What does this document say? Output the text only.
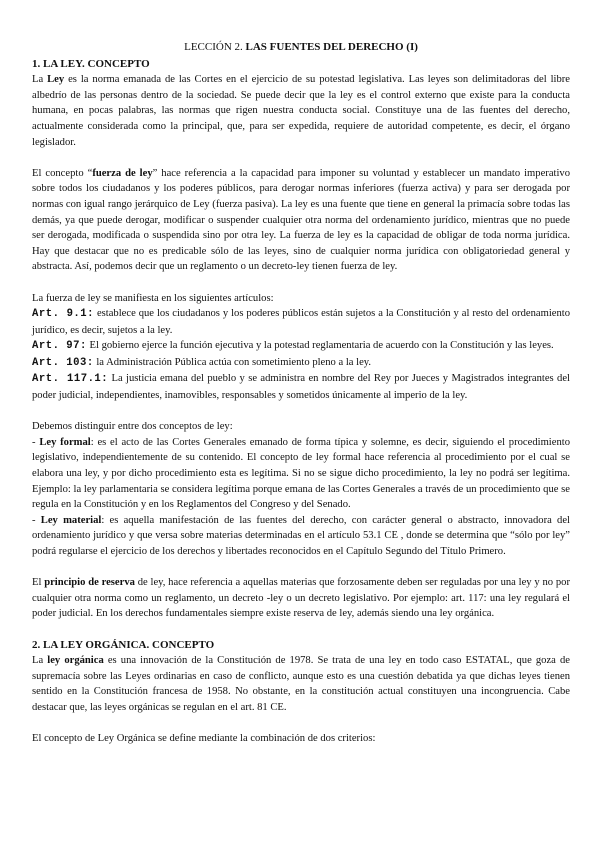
LECCIÓN 2. LAS FUENTES DEL DERECHO (I)
1. LA LEY. CONCEPTO

La Ley es la norma emanada de las Cortes en el ejercicio de su potestad legislativa. Las leyes son delimitadoras del libre albedrío de las personas dentro de la sociedad. Se puede decir que la ley es el control externo que existe para la conducta humana, en pocas palabras, las normas que rigen nuestra conducta social. Constituye una de las fuentes del derecho, actualmente considerada como la principal, que, para ser expedida, requiere de autoridad competente, es decir, el órgano legislador.

El concepto “fuerza de ley” hace referencia a la capacidad para imponer su voluntad y establecer un mandato imperativo sobre todos los ciudadanos y los poderes públicos, para derogar normas inferiores (fuerza activa) y para ser derogada por normas con igual rango jerárquico de Ley (fuerza pasiva). La ley es una fuente que tiene en general la primacía sobre todas las demás, ya que puede derogar, modificar o suspender cualquier otra norma del ordenamiento jurídico, mientras que no puede ser derogada, modificada o suspendida sino por otra ley. La fuerza de ley es la capacidad de obligar de toda norma jurídica. Hay que destacar que no es predicable sólo de las leyes, sino de cualquier norma jurídica con obligatoriedad general y abstracta. Así, podemos decir que un reglamento o un decreto-ley tienen fuerza de ley.

La fuerza de ley se manifiesta en los siguientes artículos:

Art. 9.1: establece que los ciudadanos y los poderes públicos están sujetos a la Constitución y al resto del ordenamiento jurídico, es decir, sujetos a la ley.

Art. 97: El gobierno ejerce la función ejecutiva y la potestad reglamentaria de acuerdo con la Constitución y las leyes.

Art. 103: la Administración Pública actúa con sometimiento pleno a la ley.

Art. 117.1: La justicia emana del pueblo y se administra en nombre del Rey por Jueces y Magistrados integrantes del poder judicial, independientes, inamovibles, responsables y sometidos únicamente al imperio de la ley.

Debemos distinguir entre dos conceptos de ley:

- Ley formal: es el acto de las Cortes Generales emanado de forma típica y solemne, es decir, siguiendo el procedimiento legislativo, independientemente de su contenido. El concepto de ley formal hace referencia al procedimiento por el cual se elabora una ley, y por dicho procedimiento esta es legítima. Si no se sigue dicho procedimiento, la ley no podrá ser legítima. Ejemplo: la ley parlamentaria se considera legítima porque emana de las Cortes Generales a través de un procedimiento que se regula en la Constitución y en los Reglamentos del Congreso y del Senado.

- Ley material: es aquella manifestación de las fuentes del derecho, con carácter general o abstracto, innovadora del ordenamiento jurídico y que versa sobre materias determinadas en el artículo 53.1 CE , donde se determina que “sólo por ley” podrá regularse el ejercicio de los derechos y libertades reconocidos en el Capítulo Segundo del Título Primero.

El principio de reserva de ley, hace referencia a aquellas materias que forzosamente deben ser reguladas por una ley y no por cualquier otra norma como un reglamento, un decreto -ley o un decreto legislativo. Por ejemplo: art. 117: una ley regulará el poder judicial. En los derechos fundamentales siempre existe reserva de ley, además siendo una ley orgánica.

2. LA LEY ORGÁNICA. CONCEPTO

La ley orgánica es una innovación de la Constitución de 1978. Se trata de una ley en todo caso ESTATAL, que goza de supremacía sobre las Leyes ordinarias en caso de conflicto, aunque esto es una cuestión debatida ya que dichas leyes tienen sentido en la Constitución francesa de 1958. No obstante, en la constitución actual constituyen una incongruencia. Cabe destacar que, las leyes orgánicas se regulan en el art. 81 CE.

El concepto de Ley Orgánica se define mediante la combinación de dos criterios:
